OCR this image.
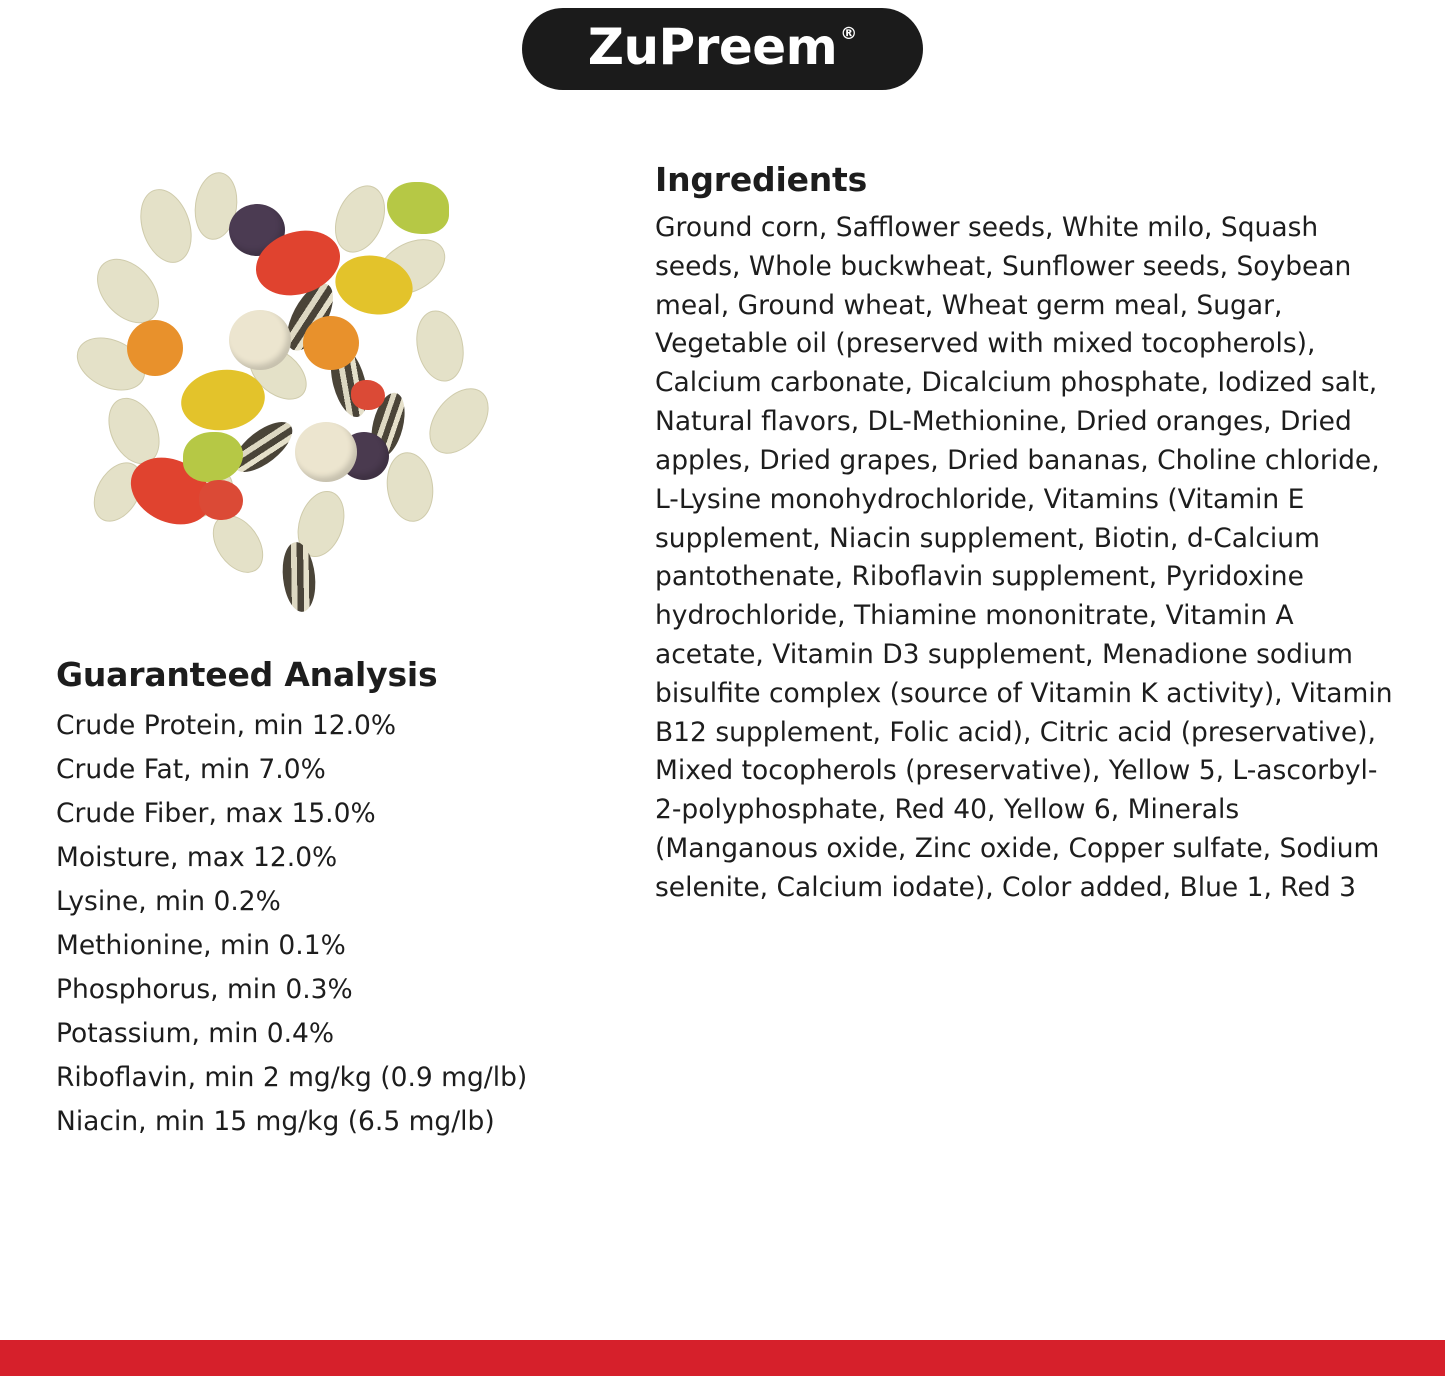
ZuPreem ®
Guaranteed Analysis
Crude Protein, min 12.0%
Crude Fat, min 7.0%
Crude Fiber, max 15.0%
Moisture, max 12.0%
Lysine, min 0.2%
Methionine, min 0.1%
Phosphorus, min 0.3%
Potassium, min 0.4%
Riboflavin, min 2 mg/kg (0.9 mg/lb)
Niacin, min 15 mg/kg (6.5 mg/lb)
Ingredients
Ground corn, Safflower seeds, White milo, Squash seeds, Whole buckwheat, Sunflower seeds, Soybean meal, Ground wheat, Wheat germ meal, Sugar, Vegetable oil (preserved with mixed tocopherols), Calcium carbonate, Dicalcium phosphate, Iodized salt, Natural flavors, DL-Methionine, Dried oranges, Dried apples, Dried grapes, Dried bananas, Choline chloride, L-Lysine monohydrochloride, Vitamins (Vitamin E supplement, Niacin supplement, Biotin, d-Calcium pantothenate, Riboflavin supplement, Pyridoxine hydrochloride, Thiamine mononitrate, Vitamin A acetate, Vitamin D3 supplement, Menadione sodium bisulfite complex (source of Vitamin K activity), Vitamin B12 supplement, Folic acid), Citric acid (preservative), Mixed tocopherols (preservative), Yellow 5, L-ascorbyl-2-polyphosphate, Red 40, Yellow 6, Minerals (Manganous oxide, Zinc oxide, Copper sulfate, Sodium selenite, Calcium iodate), Color added, Blue 1, Red 3
